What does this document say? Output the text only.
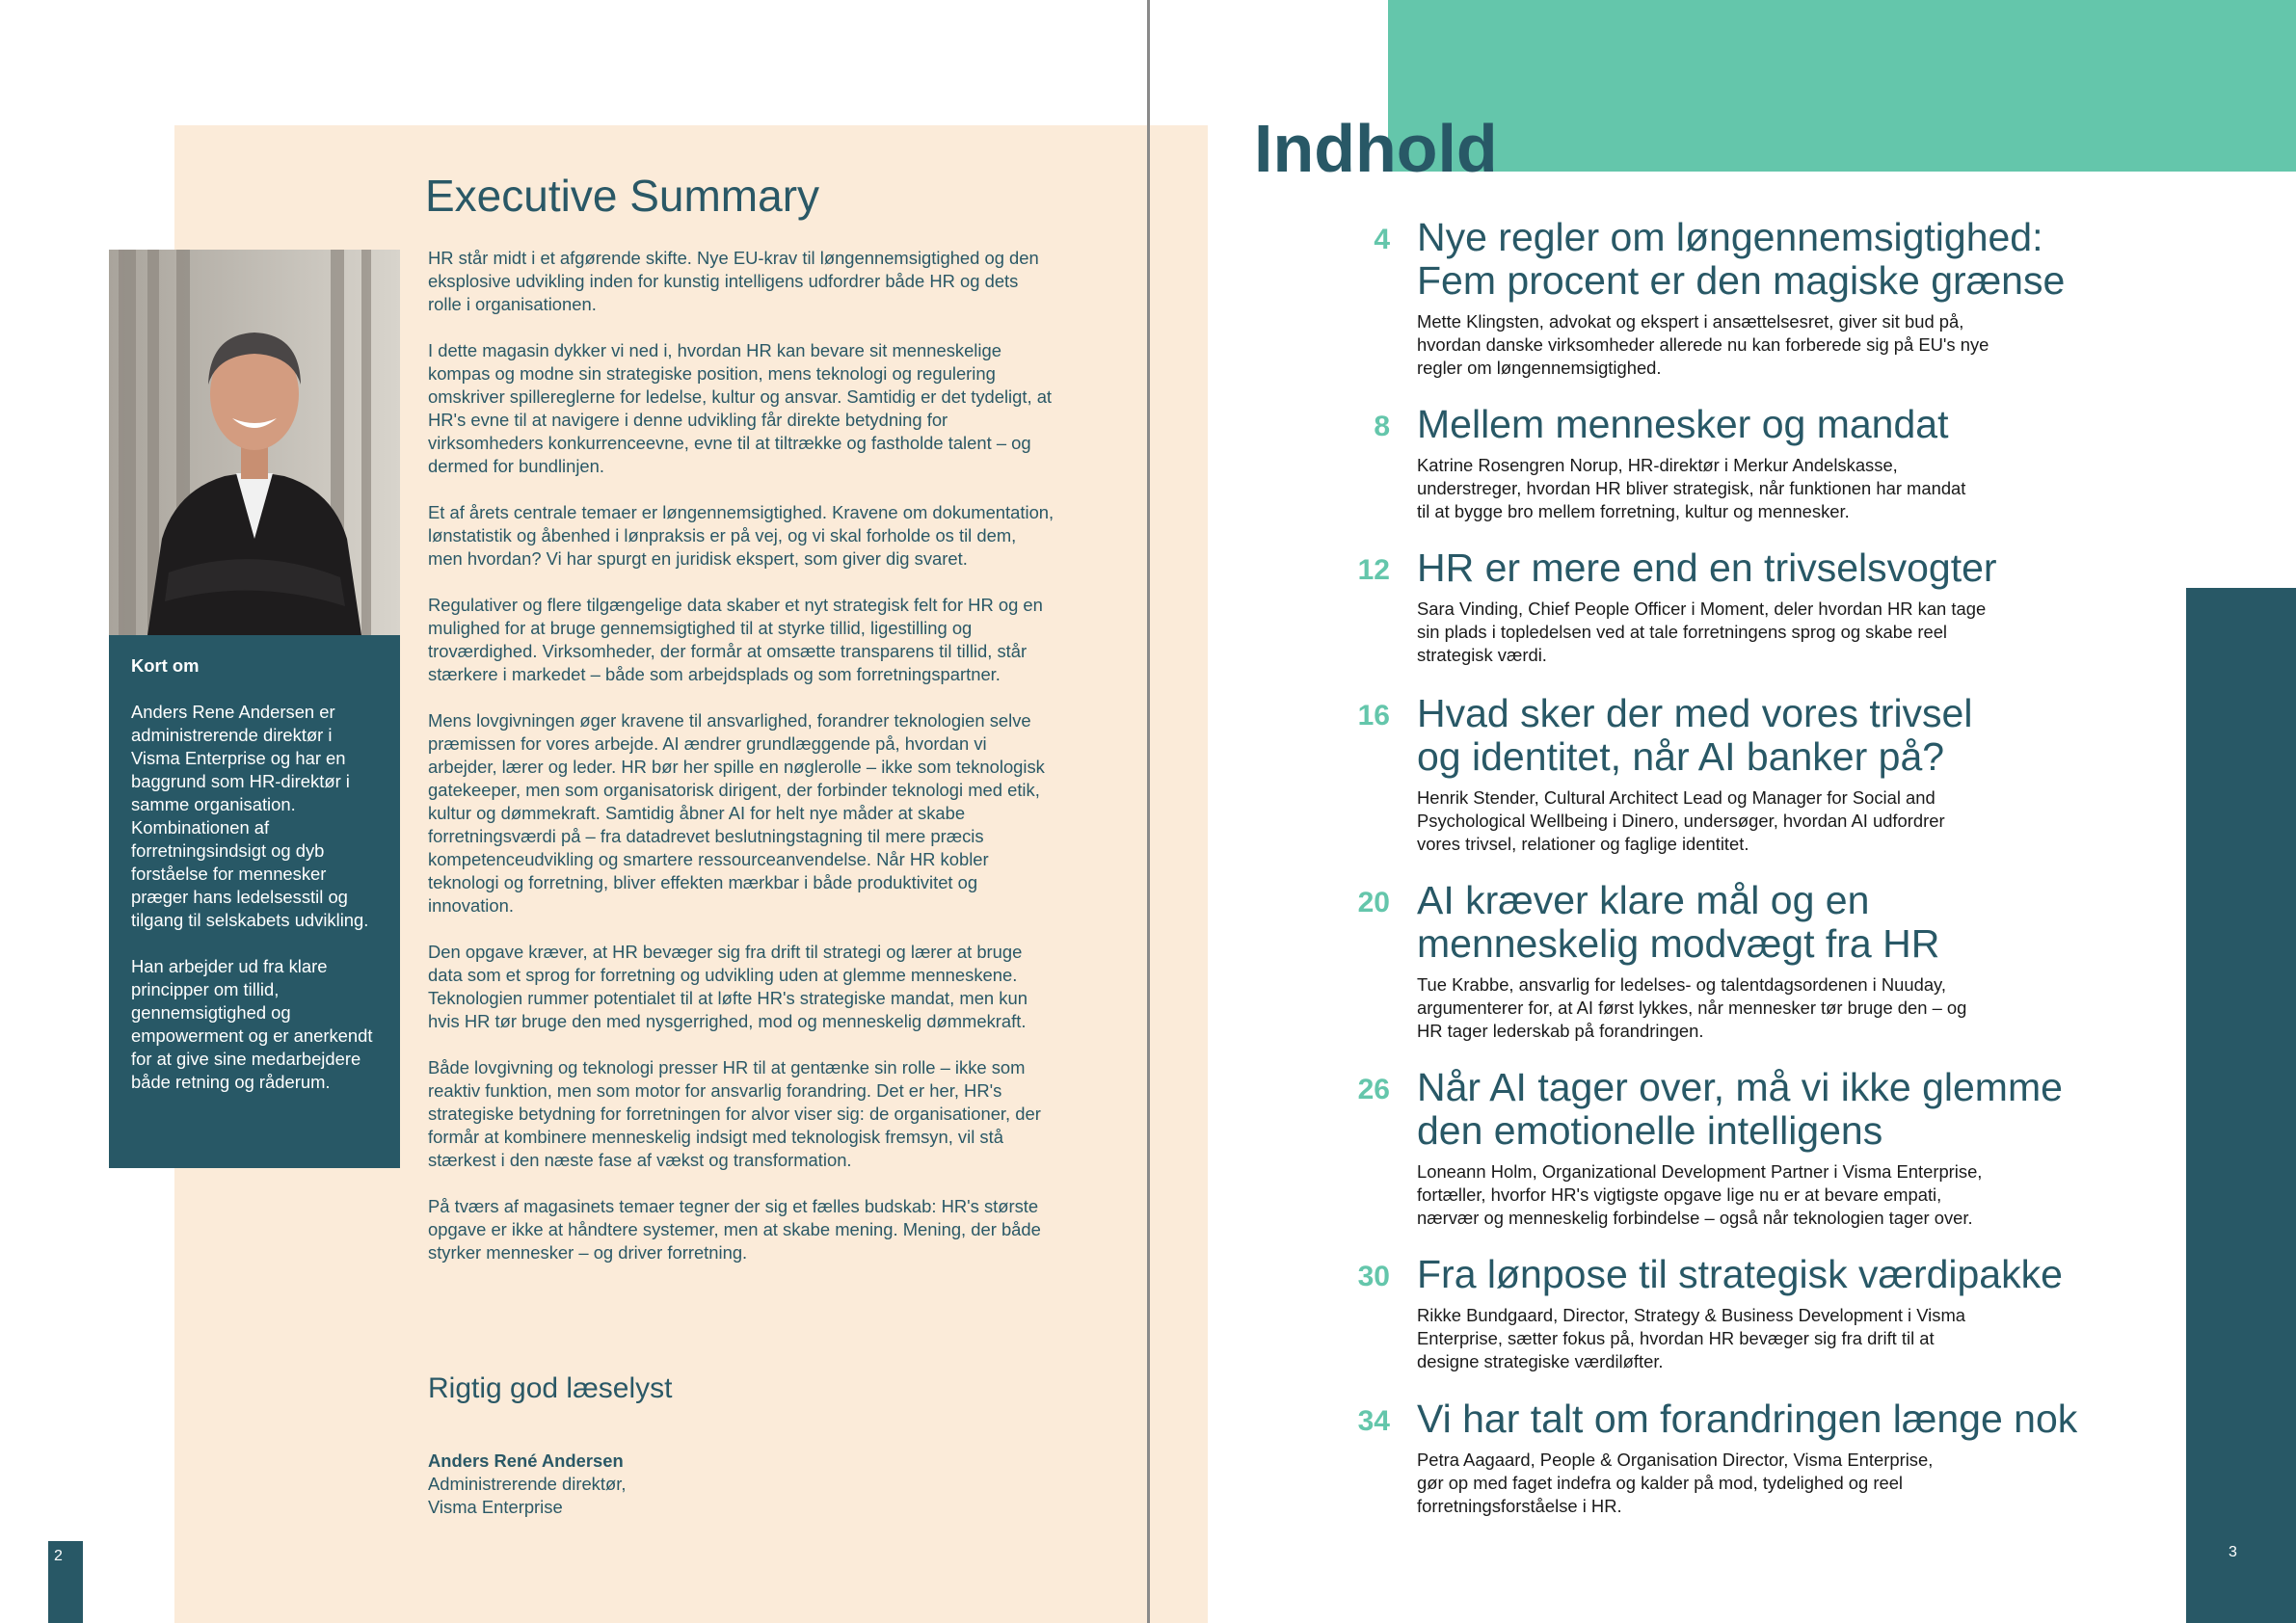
Executive Summary
Kort om
Anders Rene Andersen er administrerende direktør i Visma Enterprise og har en baggrund som HR-direktør i samme organisation. Kombinationen af forretningsindsigt og dyb forståelse for mennesker præger hans ledelsesstil og tilgang til selskabets udvikling.
Han arbejder ud fra klare principper om tillid, gennemsigtighed og empowerment og er anerkendt for at give sine medarbejdere både retning og råderum.

HR står midt i et afgørende skifte. Nye EU-krav til løngennemsigtighed og den eksplosive udvikling inden for kunstig intelligens udfordrer både HR og dets rolle i organisationen.

I dette magasin dykker vi ned i, hvordan HR kan bevare sit menneskelige kompas og modne sin strategiske position, mens teknologi og regulering omskriver spillereglerne for ledelse, kultur og ansvar. Samtidig er det tydeligt, at HR's evne til at navigere i denne udvikling får direkte betydning for virksomheders konkurrenceevne, evne til at tiltrække og fastholde talent – og dermed for bundlinjen.

Et af årets centrale temaer er løngennemsigtighed. Kravene om dokumentation, lønstatistik og åbenhed i lønpraksis er på vej, og vi skal forholde os til dem, men hvordan? Vi har spurgt en juridisk ekspert, som giver dig svaret.

Regulativer og flere tilgængelige data skaber et nyt strategisk felt for HR og en mulighed for at bruge gennemsigtighed til at styrke tillid, ligestilling og troværdighed. Virksomheder, der formår at omsætte transparens til tillid, står stærkere i markedet – både som arbejdsplads og som forretningspartner.

Mens lovgivningen øger kravene til ansvarlighed, forandrer teknologien selve præmissen for vores arbejde. AI ændrer grundlæggende på, hvordan vi arbejder, lærer og leder. HR bør her spille en nøglerolle – ikke som teknologisk gatekeeper, men som organisatorisk dirigent, der forbinder teknologi med etik, kultur og dømmekraft. Samtidig åbner AI for helt nye måder at skabe forretningsværdi på – fra datadrevet beslutningstagning til mere præcis kompetenceudvikling og smartere ressourceanvendelse. Når HR kobler teknologi og forretning, bliver effekten mærkbar i både produktivitet og innovation.

Den opgave kræver, at HR bevæger sig fra drift til strategi og lærer at bruge data som et sprog for forretning og udvikling uden at glemme menneskene. Teknologien rummer potentialet til at løfte HR's strategiske mandat, men kun hvis HR tør bruge den med nysgerrighed, mod og menneskelig dømmekraft.

Både lovgivning og teknologi presser HR til at gentænke sin rolle – ikke som reaktiv funktion, men som motor for ansvarlig forandring. Det er her, HR's strategiske betydning for forretningen for alvor viser sig: de organisationer, der formår at kombinere menneskelig indsigt med teknologisk fremsyn, vil stå stærkest i den næste fase af vækst og transformation.

På tværs af magasinets temaer tegner der sig et fælles budskab: HR's største opgave er ikke at håndtere systemer, men at skabe mening. Mening, der både styrker mennesker – og driver forretning.

Rigtig god læselyst
Anders René Andersen
Administrerende direktør,
Visma Enterprise
2
Indhold
3
4 Nye regler om løngennemsigtighed:
Fem procent er den magiske grænse
Mette Klingsten, advokat og ekspert i ansættelsesret, giver sit bud på,
hvordan danske virksomheder allerede nu kan forberede sig på EU's nye
regler om løngennemsigtighed.
8 Mellem mennesker og mandat
Katrine Rosengren Norup, HR-direktør i Merkur Andelskasse,
understreger, hvordan HR bliver strategisk, når funktionen har mandat
til at bygge bro mellem forretning, kultur og mennesker.
12 HR er mere end en trivselsvogter
Sara Vinding, Chief People Officer i Moment, deler hvordan HR kan tage
sin plads i topledelsen ved at tale forretningens sprog og skabe reel
strategisk værdi.
16 Hvad sker der med vores trivsel
og identitet, når AI banker på?
Henrik Stender, Cultural Architect Lead og Manager for Social and
Psychological Wellbeing i Dinero, undersøger, hvordan AI udfordrer
vores trivsel, relationer og faglige identitet.
20 AI kræver klare mål og en
menneskelig modvægt fra HR
Tue Krabbe, ansvarlig for ledelses- og talentdagsordenen i Nuuday,
argumenterer for, at AI først lykkes, når mennesker tør bruge den – og
HR tager lederskab på forandringen.
26 Når AI tager over, må vi ikke glemme
den emotionelle intelligens
Loneann Holm, Organizational Development Partner i Visma Enterprise,
fortæller, hvorfor HR's vigtigste opgave lige nu er at bevare empati,
nærvær og menneskelig forbindelse – også når teknologien tager over.
30 Fra lønpose til strategisk værdipakke
Rikke Bundgaard, Director, Strategy & Business Development i Visma
Enterprise, sætter fokus på, hvordan HR bevæger sig fra drift til at
designe strategiske værdiløfter.
34 Vi har talt om forandringen længe nok
Petra Aagaard, People & Organisation Director, Visma Enterprise,
gør op med faget indefra og kalder på mod, tydelighed og reel
forretningsforståelse i HR.
